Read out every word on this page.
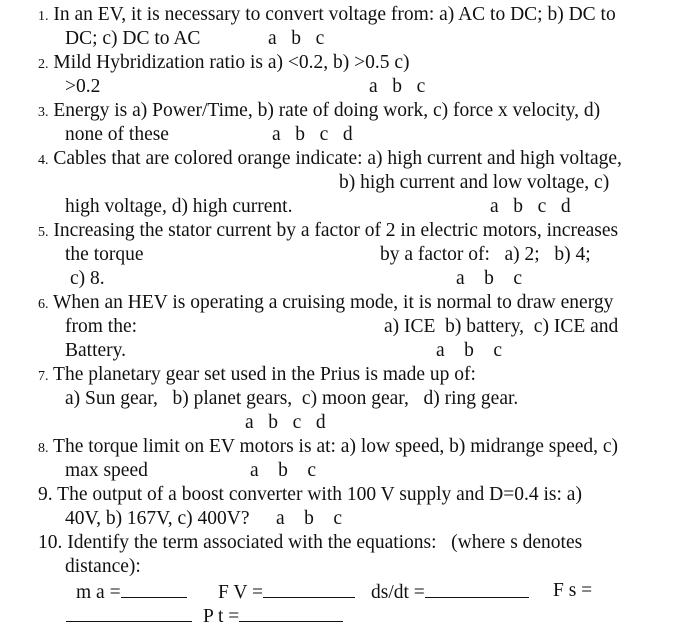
1. In an EV, it is necessary to convert voltage from: a) AC to DC; b) DC to
DC; c) DC to AC	a   b   c
2. Mild Hybridization ratio is a) <0.2, b) >0.5 c)
>0.2	a   b   c
3. Energy is a) Power/Time, b) rate of doing work, c) force x velocity, d)
none of these	a   b   c   d
4. Cables that are colored orange indicate: a) high current and high voltage,
b) high current and low voltage, c)
high voltage, d) high current.	a   b   c   d
5. Increasing the stator current by a factor of 2 in electric motors, increases
the torque	by a factor of:   a) 2;   b) 4;
c) 8.	a    b    c
6. When an HEV is operating a cruising mode, it is normal to draw energy
from the:	a) ICE  b) battery,  c) ICE and
Battery.	a    b    c
7. The planetary gear set used in the Prius is made up of:
a) Sun gear,   b) planet gears,  c) moon gear,   d) ring gear.
a   b   c   d
8. The torque limit on EV motors is at: a) low speed, b) midrange speed, c)
max speed	a    b    c
9. The output of a boost converter with 100 V supply and D=0.4 is: a)
40V, b) 167V, c) 400V? a    b    c
10. Identify the term associated with the equations:   (where s denotes
distance):
m a =	F V =	ds/dt =	F s =
P t =
